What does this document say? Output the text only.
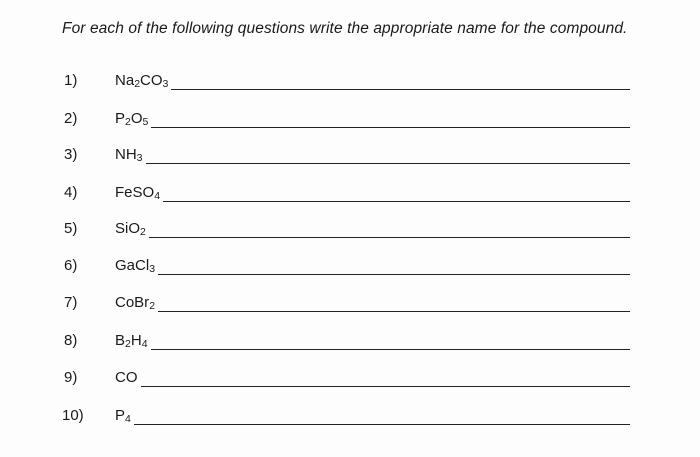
For each of the following questions write the appropriate name for the compound.
1)	$Na_2CO_3$
2)	$P_2O_5$
3)	$NH_3$
4)	FeSO$_4$
5)	SiO$_2$
6)	GaCl$_3$
7)	CoBr$_2$
8)	$B_2H_4$
9)	CO
10) $P_4$
